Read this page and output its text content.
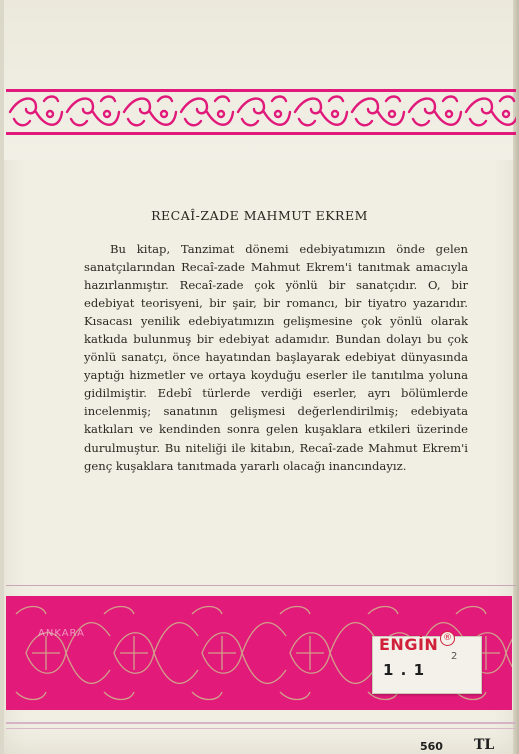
RECAÎ-ZADE MAHMUT EKREM

Bu kitap, Tanzimat dönemi edebiyatımızın önde gelen sanatçılarından Recaî-zade Mahmut Ekrem'i tanıtmak amacıyla hazırlanmıştır. Recaî-zade çok yönlü bir sanatçıdır. O, bir edebiyat teorisyeni, bir şair, bir romancı, bir tiyatro yazarıdır. Kısacası yenilik edebiyatımızın gelişmesine çok yönlü olarak katkıda bulunmuş bir edebiyat adamıdır. Bundan dolayı bu çok yönlü sanatçı, önce hayatından başlayarak edebiyat dünyasında yaptığı hizmetler ve ortaya koyduğu eserler ile tanıtılma yoluna gidilmiştir. Edebî türlerde verdiği eserler, ayrı bölümlerde incelenmiş; sanatının gelişmesi değerlendirilmiş; edebiyata katkıları ve kendinden sonra gelen kuşaklara etkileri üzerinde durulmuştur. Bu niteliği ile kitabın, Recaî-zade Mahmut Ekrem'i genç kuşaklara tanıtmada yararlı olacağı inancındayız.

ANKARA
ENGİN ®
1 . 1
2
560 TL
